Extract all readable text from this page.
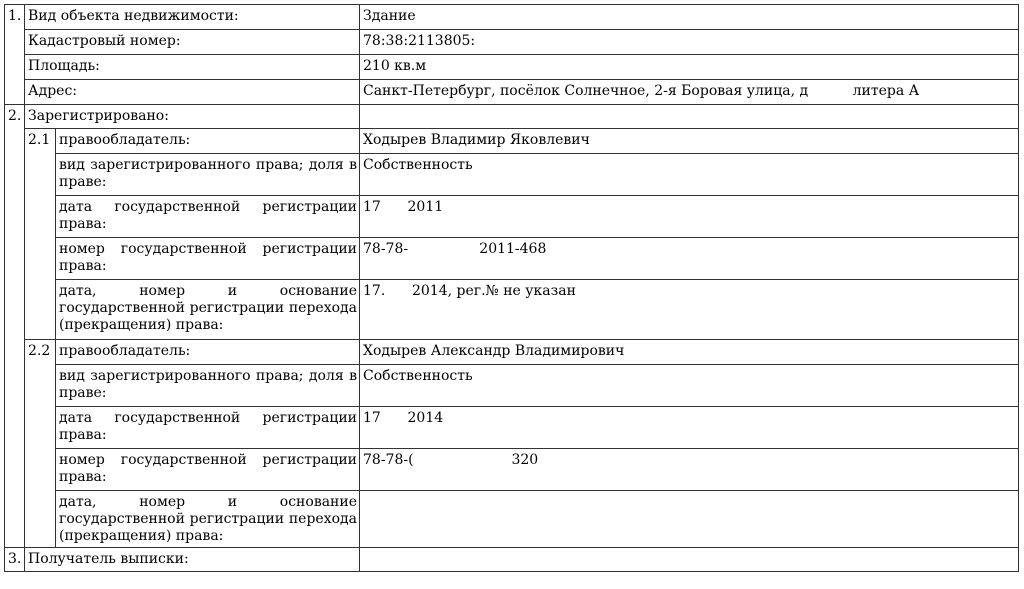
1.	Вид объекта недвижимости:		Здание
	Кадастровый номер:		78:38:2113805:
	Площадь:		210 кв.м
	Адрес:		Санкт-Петербург, посёлок Солнечное, 2-я Боровая улица, д          литера А
2.	Зарегистрировано:		
	2.1	правообладатель:	Ходырев Владимир Яковлевич
		вид зарегистрированного права; доля в праве:	Собственность
		дата государственной регистрации права:	17      2011
		номер государственной регистрации права:	78-78-                2011-468
		дата, номер и основание государственной регистрации перехода (прекращения) права:	17.      2014, рег.№ не указан
	2.2	правообладатель:	Ходырев Александр Владимирович
		вид зарегистрированного права; доля в праве:	Собственность
		дата государственной регистрации права:	17      2014
		номер государственной регистрации права:	78-78-(                      320
		дата, номер и основание государственной регистрации перехода (прекращения) права:	
3.	Получатель выписки:		
